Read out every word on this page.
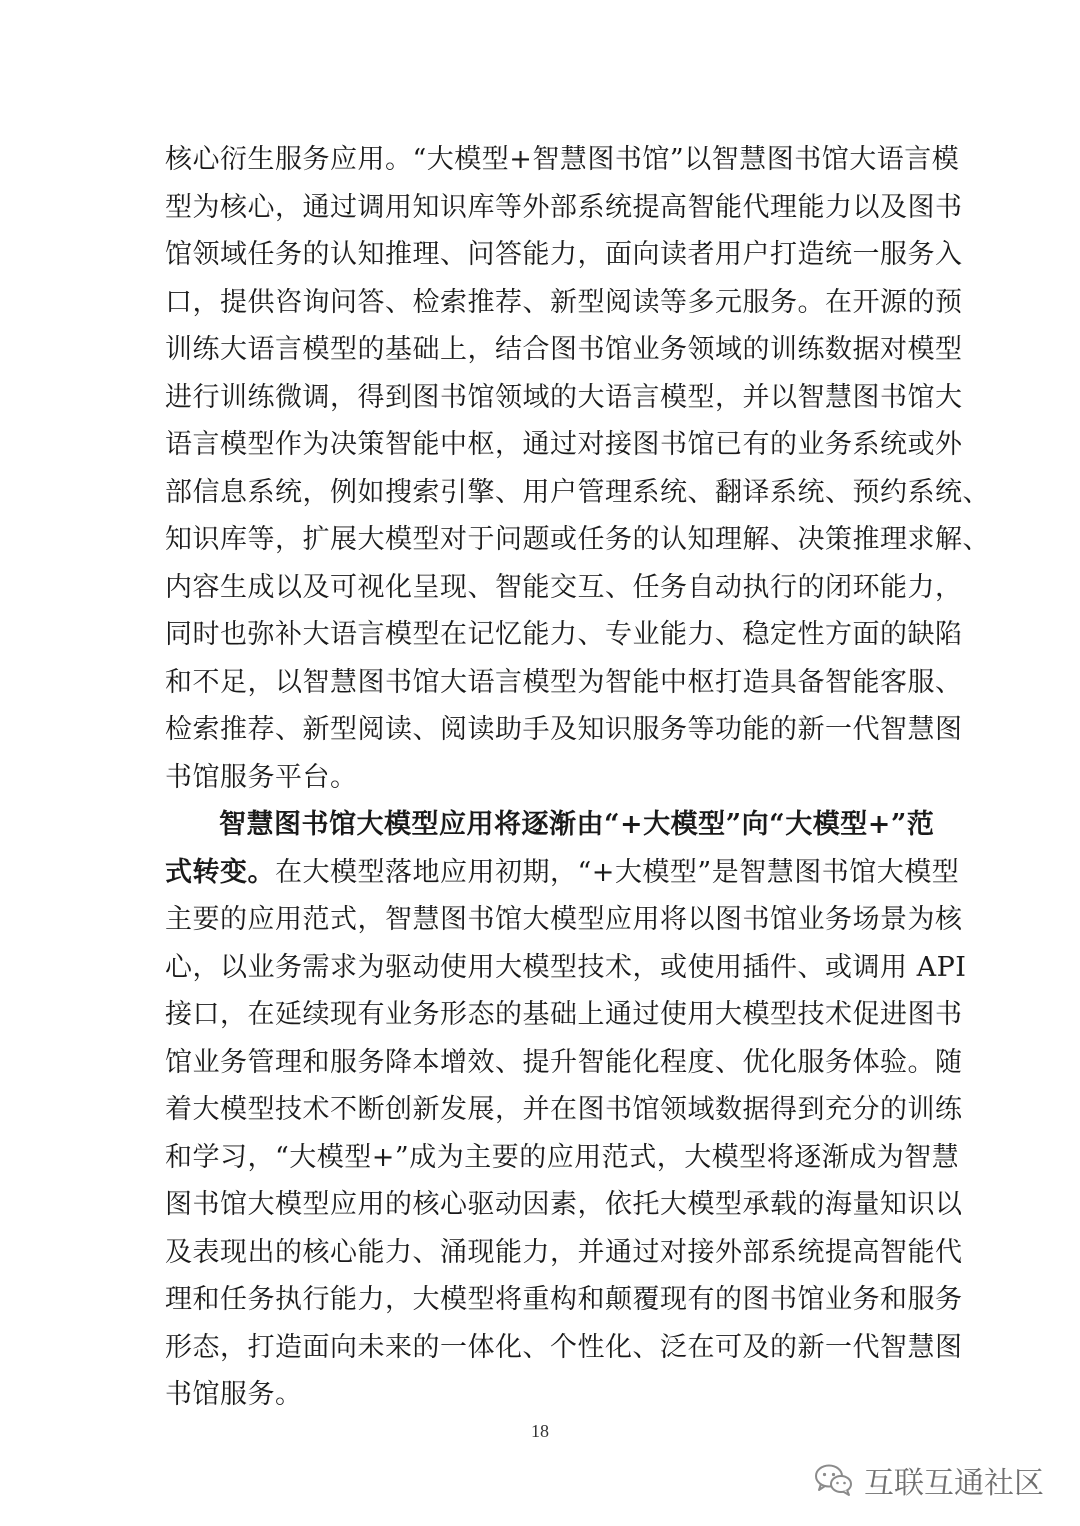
核心衍生服务应用。“大模型+智慧图书馆”以智慧图书馆大语言模
型为核心，通过调用知识库等外部系统提高智能代理能力以及图书
馆领域任务的认知推理、问答能力，面向读者用户打造统一服务入
口，提供咨询问答、检索推荐、新型阅读等多元服务。在开源的预
训练大语言模型的基础上，结合图书馆业务领域的训练数据对模型
进行训练微调，得到图书馆领域的大语言模型，并以智慧图书馆大
语言模型作为决策智能中枢，通过对接图书馆已有的业务系统或外
部信息系统，例如搜索引擎、用户管理系统、翻译系统、预约系统、
知识库等，扩展大模型对于问题或任务的认知理解、决策推理求解、
内容生成以及可视化呈现、智能交互、任务自动执行的闭环能力，
同时也弥补大语言模型在记忆能力、专业能力、稳定性方面的缺陷
和不足，以智慧图书馆大语言模型为智能中枢打造具备智能客服、
检索推荐、新型阅读、阅读助手及知识服务等功能的新一代智慧图
书馆服务平台。
智慧图书馆大模型应用将逐渐由“+大模型”向“大模型+”范
式转变。在大模型落地应用初期，“+大模型”是智慧图书馆大模型
主要的应用范式，智慧图书馆大模型应用将以图书馆业务场景为核
心，以业务需求为驱动使用大模型技术，或使用插件、或调用 API
接口，在延续现有业务形态的基础上通过使用大模型技术促进图书
馆业务管理和服务降本增效、提升智能化程度、优化服务体验。随
着大模型技术不断创新发展，并在图书馆领域数据得到充分的训练
和学习，“大模型+”成为主要的应用范式，大模型将逐渐成为智慧
图书馆大模型应用的核心驱动因素，依托大模型承载的海量知识以
及表现出的核心能力、涌现能力，并通过对接外部系统提高智能代
理和任务执行能力，大模型将重构和颠覆现有的图书馆业务和服务
形态，打造面向未来的一体化、个性化、泛在可及的新一代智慧图
书馆服务。
18
互联互通社区
